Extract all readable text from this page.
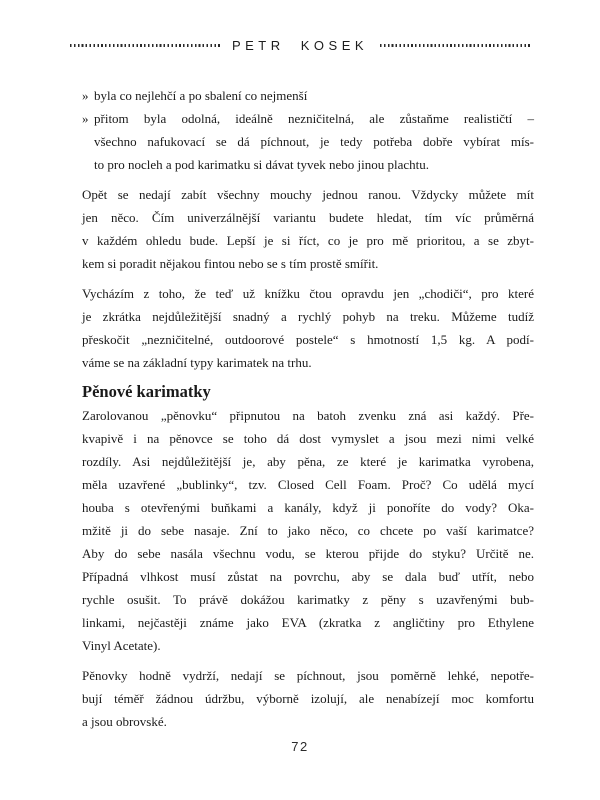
PETR KOSEK
» byla co nejlehčí a po sbalení co nejmenší
» přitom byla odolná, ideálně nezničitelná, ale zůstaňme realističtí –
všechno nafukovací se dá píchnout, je tedy potřeba dobře vybírat mís-
to pro nocleh a pod karimatku si dávat tyvek nebo jinou plachtu.
Opět se nedají zabít všechny mouchy jednou ranou. Vždycky můžete mít
jen něco. Čím univerzálnější variantu budete hledat, tím víc průměrná
v každém ohledu bude. Lepší je si říct, co je pro mě prioritou, a se zbyt-
kem si poradit nějakou fintou nebo se s tím prostě smířit.
Vycházím z toho, že teď už knížku čtou opravdu jen „chodiči“, pro které
je zkrátka nejdůležitější snadný a rychlý pohyb na treku. Můžeme tudíž
přeskočit „nezničitelné, outdoorové postele“ s hmotností 1,5 kg. A podí-
váme se na základní typy karimatek na trhu.
Pěnové karimatky
Zarolovanou „pěnovku“ připnutou na batoh zvenku zná asi každý. Pře-
kvapivě i na pěnovce se toho dá dost vymyslet a jsou mezi nimi velké
rozdíly. Asi nejdůležitější je, aby pěna, ze které je karimatka vyrobena,
měla uzavřené „bublinky“, tzv. Closed Cell Foam. Proč? Co udělá mycí
houba s otevřenými buňkami a kanály, když ji ponoříte do vody? Oka-
mžitě ji do sebe nasaje. Zní to jako něco, co chcete po vaší karimatce?
Aby do sebe nasála všechnu vodu, se kterou přijde do styku? Určitě ne.
Případná vlhkost musí zůstat na povrchu, aby se dala buď utřít, nebo
rychle osušit. To právě dokážou karimatky z pěny s uzavřenými bub-
linkami, nejčastěji známe jako EVA (zkratka z angličtiny pro Ethylene
Vinyl Acetate).
Pěnovky hodně vydrží, nedají se píchnout, jsou poměrně lehké, nepotře-
bují téměř žádnou údržbu, výborně izolují, ale nenabízejí moc komfortu
a jsou obrovské.
72
